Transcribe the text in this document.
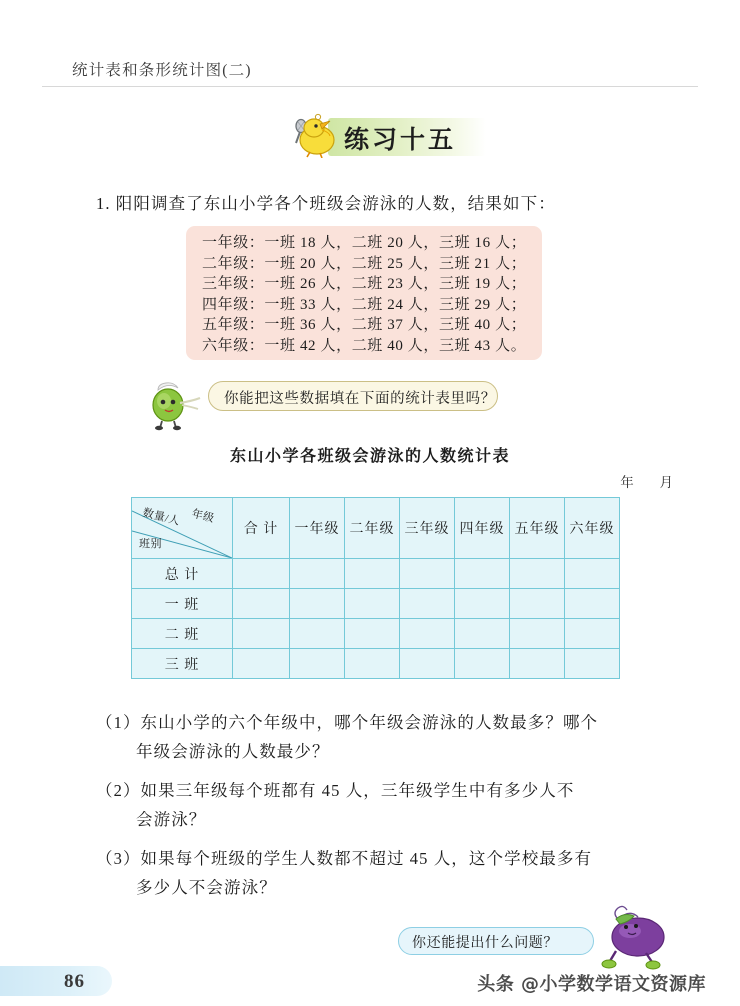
统计表和条形统计图(二)
练习十五
1. 阳阳调查了东山小学各个班级会游泳的人数，结果如下：
一年级：一班 18 人，二班 20 人，三班 16 人；
二年级：一班 20 人，二班 25 人，三班 21 人；
三年级：一班 26 人，二班 23 人，三班 19 人；
四年级：一班 33 人，二班 24 人，三班 29 人；
五年级：一班 36 人，二班 37 人，三班 40 人；
六年级：一班 42 人，二班 40 人，三班 43 人。
你能把这些数据填在下面的统计表里吗？
东山小学各班级会游泳的人数统计表
年 月
数量/人 年级
班别	合 计	一年级	二年级	三年级	四年级	五年级	六年级
总 计							
一 班							
二 班							
三 班							
（1）东山小学的六个年级中，哪个年级会游泳的人数最多？哪个
年级会游泳的人数最少？
（2）如果三年级每个班都有 45 人，三年级学生中有多少人不
会游泳？
（3）如果每个班级的学生人数都不超过 45 人，这个学校最多有
多少人不会游泳？
你还能提出什么问题？
86	头条 @小学数学语文资源库
